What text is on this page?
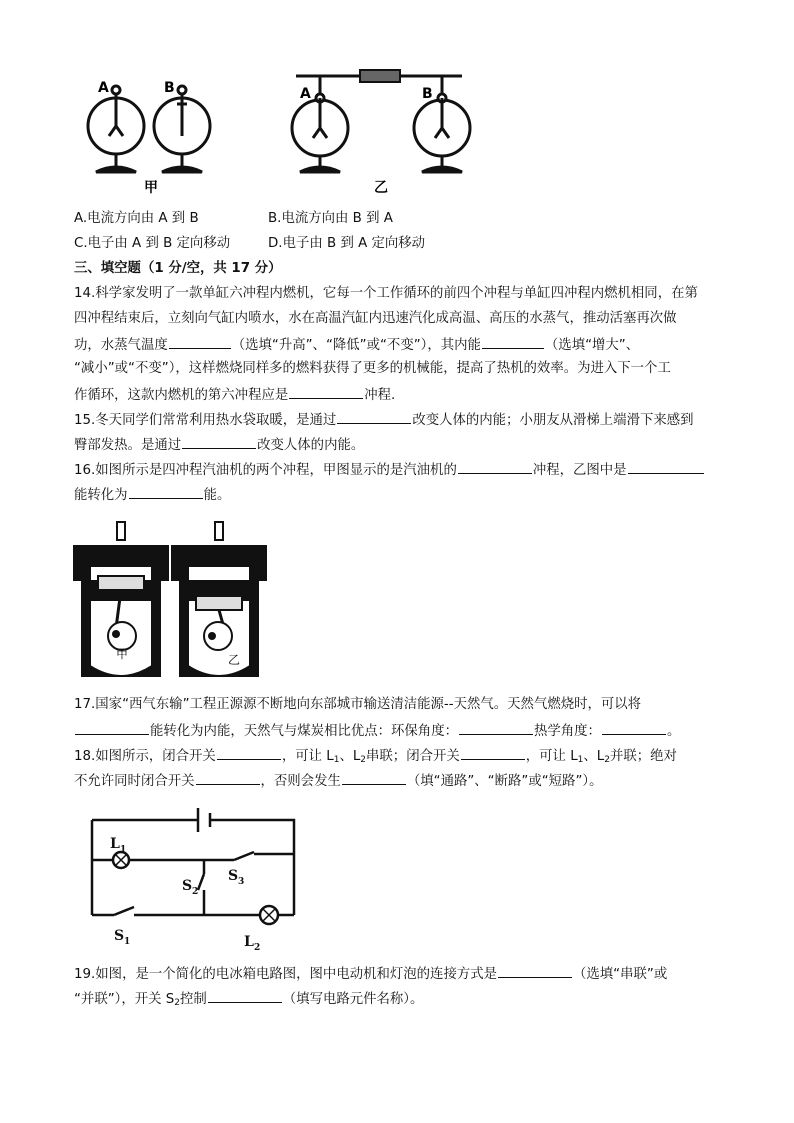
A	B
甲
A	B
乙
A.电流方向由 A 到 B	B.电流方向由 B 到 A
C.电子由 A 到 B 定向移动	D.电子由 B 到 A 定向移动
三、填空题（1 分/空，共 17 分）
14.科学家发明了一款单缸六冲程内燃机，它每一个工作循环的前四个冲程与单缸四冲程内燃机相同，在第
四冲程结束后，立刻向气缸内喷水，水在高温汽缸内迅速汽化成高温、高压的水蒸气，推动活塞再次做
功，水蒸气温度	（选填“升高”、“降低”或“不变”），其内能	（选填“增大”、
“减小”或“不变”），这样燃烧同样多的燃料获得了更多的机械能，提高了热机的效率。为进入下一个工
作循环，这款内燃机的第六冲程应是	冲程.
15.冬天同学们常常利用热水袋取暖，是通过	改变人体的内能；小朋友从滑梯上端滑下来感到
臀部发热。是通过	改变人体的内能。
16.如图所示是四冲程汽油机的两个冲程，甲图显示的是汽油机的	冲程，乙图中是
能转化为	能。
甲	乙
17.国家“西气东输”工程正源源不断地向东部城市输送清洁能源--天然气。天然气燃烧时，可以将
能转化为内能，天然气与煤炭相比优点：环保角度：	热学角度：	。
18.如图所示，闭合开关	，可让 $L_1$、$L_2$串联；闭合开关	，可让 $L_1$、$L_2$并联；绝对
不允许同时闭合开关	，否则会发生	（填“通路”、“断路”或“短路”）。
L 1
S 2
S 3
S 1	L 2
19.如图，是一个简化的电冰箱电路图，图中电动机和灯泡的连接方式是	（选填“串联”或
“并联”），开关 $S_2$控制	（填写电路元件名称）。
